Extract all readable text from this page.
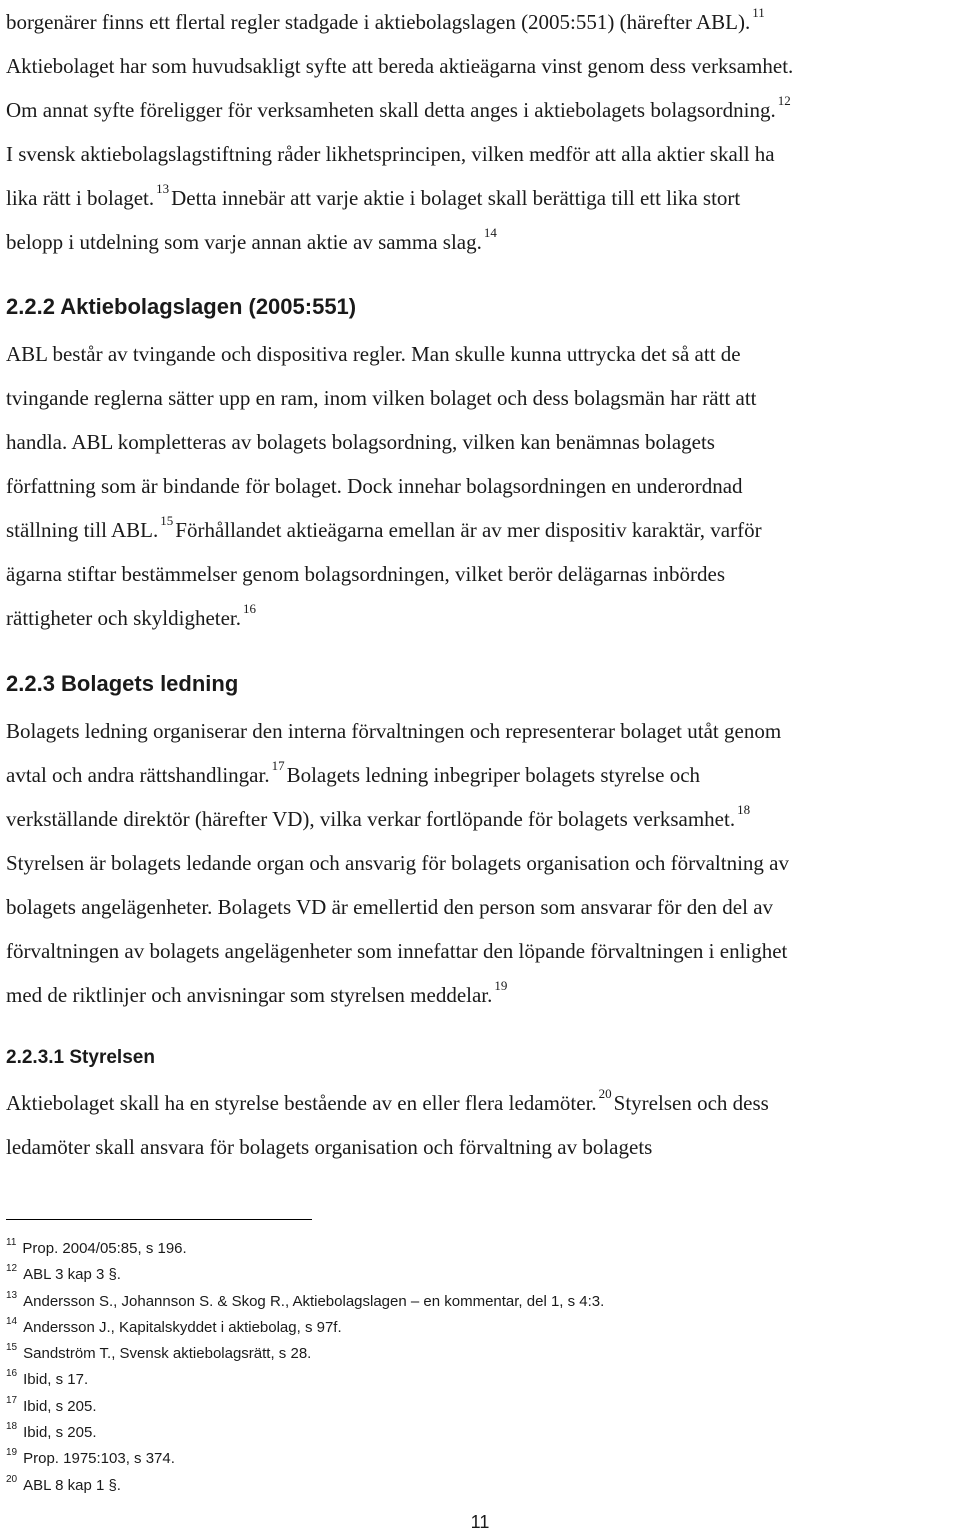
borgenärer finns ett flertal regler stadgade i aktiebolagslagen (2005:551) (härefter ABL). $^{11}$
Aktiebolaget har som huvudsakligt syfte att bereda aktieägarna vinst genom dess verksamhet.
Om annat syfte föreligger för verksamheten skall detta anges i aktiebolagets bolagsordning. $^{12}$
I svensk aktiebolagslagstiftning råder likhetsprincipen, vilken medför att alla aktier skall ha
lika rätt i bolaget. $^{13}$Detta innebär att varje aktie i bolaget skall berättiga till ett lika stort
belopp i utdelning som varje annan aktie av samma slag. $^{14}$
2.2.2 Aktiebolagslagen (2005:551)
ABL består av tvingande och dispositiva regler. Man skulle kunna uttrycka det så att de
tvingande reglerna sätter upp en ram, inom vilken bolaget och dess bolagsmän har rätt att
handla. ABL kompletteras av bolagets bolagsordning, vilken kan benämnas bolagets
författning som är bindande för bolaget. Dock innehar bolagsordningen en underordnad
ställning till ABL. $^{15}$Förhållandet aktieägarna emellan är av mer dispositiv karaktär, varför
ägarna stiftar bestämmelser genom bolagsordningen, vilket berör delägarnas inbördes
rättigheter och skyldigheter. $^{16}$
2.2.3 Bolagets ledning
Bolagets ledning organiserar den interna förvaltningen och representerar bolaget utåt genom
avtal och andra rättshandlingar. $^{17}$Bolagets ledning inbegriper bolagets styrelse och
verkställande direktör (härefter VD), vilka verkar fortlöpande för bolagets verksamhet. $^{18}$
Styrelsen är bolagets ledande organ och ansvarig för bolagets organisation och förvaltning av
bolagets angelägenheter. Bolagets VD är emellertid den person som ansvarar för den del av
förvaltningen av bolagets angelägenheter som innefattar den löpande förvaltningen i enlighet
med de riktlinjer och anvisningar som styrelsen meddelar. $^{19}$
2.2.3.1 Styrelsen
Aktiebolaget skall ha en styrelse bestående av en eller flera ledamöter. $^{20}$Styrelsen och dess
ledamöter skall ansvara för bolagets organisation och förvaltning av bolagets
$^{11}$ Prop. 2004/05:85, s 196.
$^{12}$ ABL 3 kap 3 §.
$^{13}$ Andersson S., Johannson S. & Skog R., Aktiebolagslagen – en kommentar, del 1, s 4:3.
$^{14}$ Andersson J., Kapitalskyddet i aktiebolag, s 97f.
$^{15}$ Sandström T., Svensk aktiebolagsrätt, s 28.
$^{16}$ Ibid, s 17.
$^{17}$ Ibid, s 205.
$^{18}$ Ibid, s 205.
$^{19}$ Prop. 1975:103, s 374.
$^{20}$ ABL 8 kap 1 §.
11
